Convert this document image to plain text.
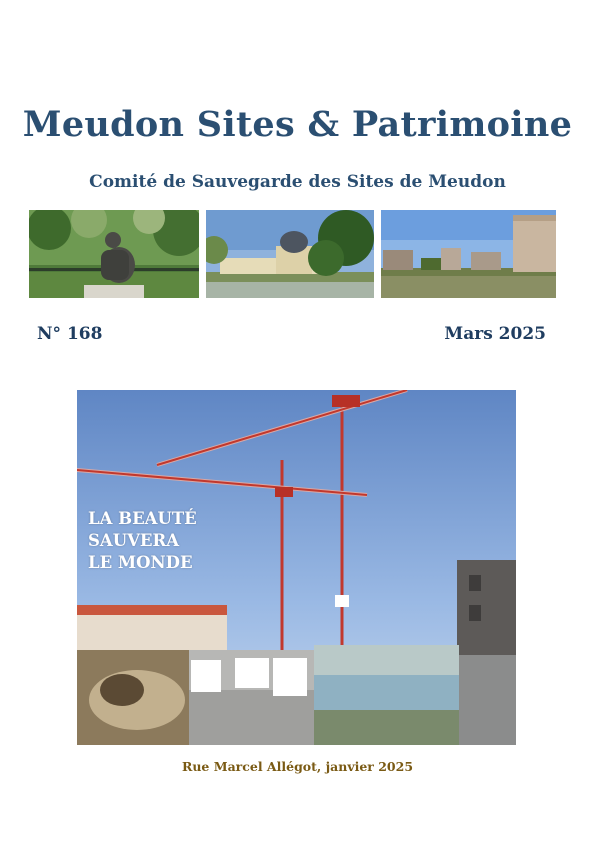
Meudon Sites & Patrimoine
Comité de Sauvegarde des Sites de Meudon
N° 168	Mars 2025
LA BEAUTÉ
SAUVERA
LE MONDE
Rue Marcel Allégot, janvier 2025
